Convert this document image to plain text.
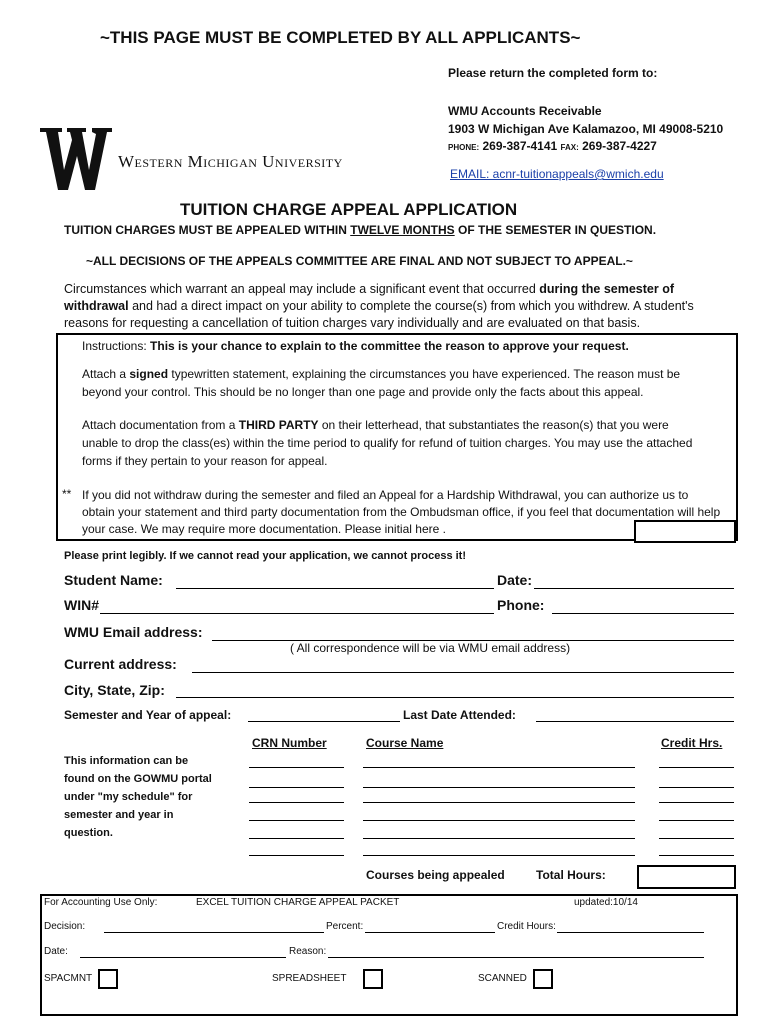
~THIS PAGE MUST BE COMPLETED BY ALL APPLICANTS~
Please return the completed form to:
WMU Accounts Receivable
1903 W Michigan Ave Kalamazoo, MI 49008-5210
PHONE: 269-387-4141 FAX: 269-387-4227
EMAIL: acnr-tuitionappeals@wmich.edu
Western Michigan University
TUITION CHARGE APPEAL APPLICATION
TUITION CHARGES MUST BE APPEALED WITHIN TWELVE MONTHS OF THE SEMESTER IN QUESTION.
~ALL DECISIONS OF THE APPEALS COMMITTEE ARE FINAL AND NOT SUBJECT TO APPEAL.~
Circumstances which warrant an appeal may include a significant event that occurred during the semester of withdrawal and had a direct impact on your ability to complete the course(s) from which you withdrew. A student's reasons for requesting a cancellation of tuition charges vary individually and are evaluated on that basis.
Instructions: This is your chance to explain to the committee the reason to approve your request.
Attach a signed typewritten statement, explaining the circumstances you have experienced. The reason must be beyond your control. This should be no longer than one page and provide only the facts about this appeal.
Attach documentation from a THIRD PARTY on their letterhead, that substantiates the reason(s) that you were unable to drop the class(es) within the time period to qualify for refund of tuition charges. You may use the attached forms if they pertain to your reason for appeal.
** If you did not withdraw during the semester and filed an Appeal for a Hardship Withdrawal, you can authorize us to obtain your statement and third party documentation from the Ombudsman office, if you feel that documentation will help your case. We may require more documentation. Please initial here .
Please print legibly. If we cannot read your application, we cannot process it!
Student Name:	Date:
WIN#	Phone:
WMU Email address:
( All correspondence will be via WMU email address)
Current address:
City, State, Zip:
Semester and Year of appeal:	Last Date Attended:
CRN Number	Course Name	Credit Hrs.
This information can be found on the GOWMU portal under "my schedule" for semester and year in question.
Courses being appealed	Total Hours:
For Accounting Use Only:	EXCEL TUITION CHARGE APPEAL PACKET	updated:10/14
Decision:	Percent:	Credit Hours:
Date:	Reason:
SPACMNT	SPREADSHEET	SCANNED
